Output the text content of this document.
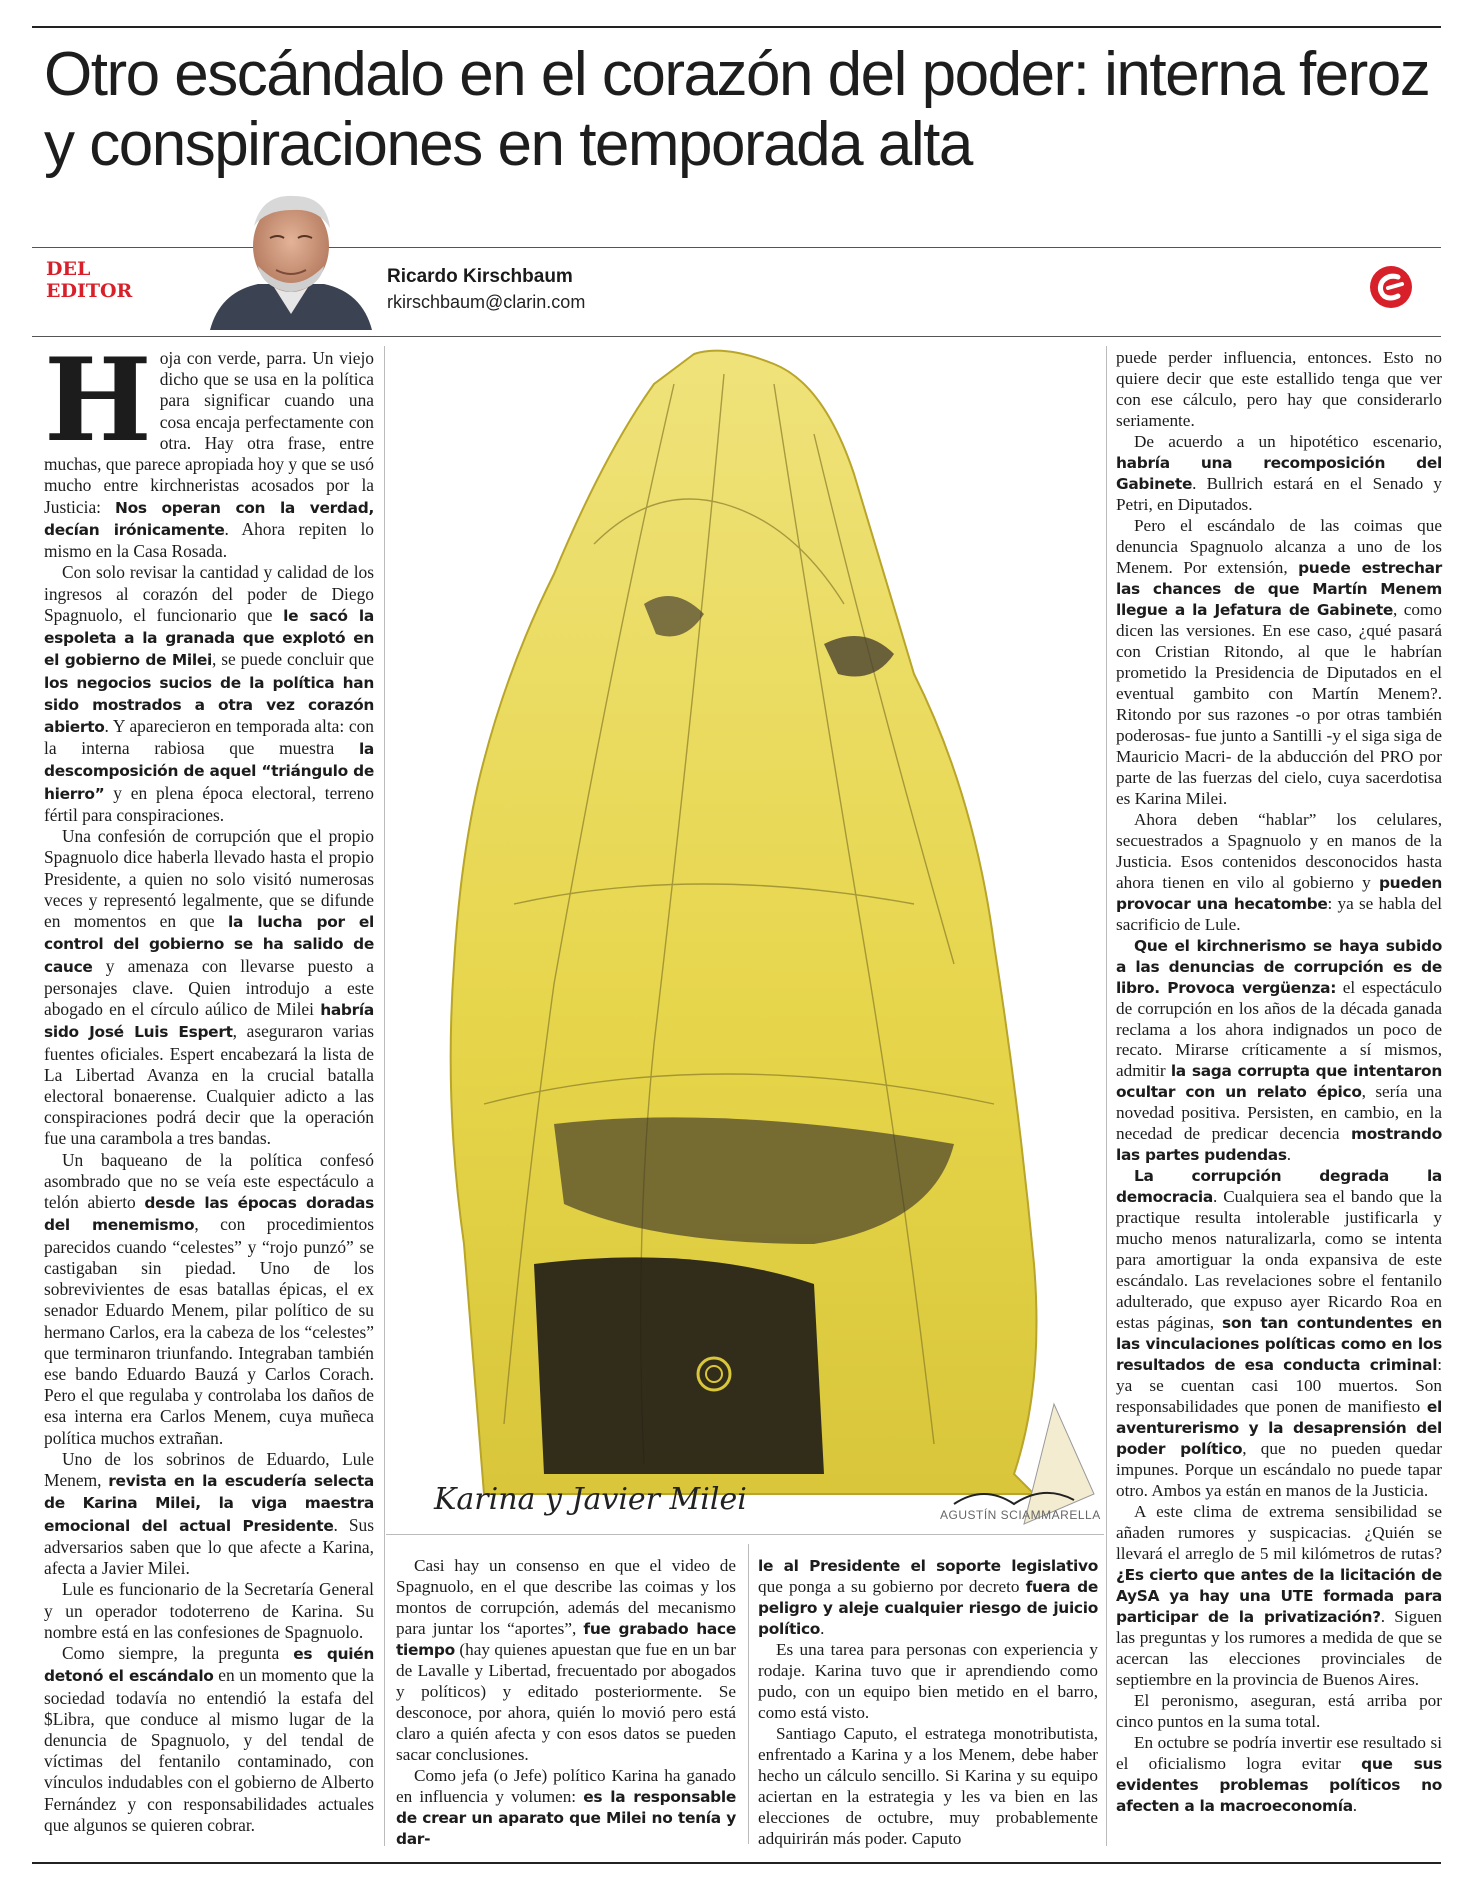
Otro escándalo en el corazón del poder: interna feroz y conspiraciones en temporada alta
DEL
EDITOR
Ricardo Kirschbaum
rkirschbaum@clarin.com
Karina y Javier Milei	AGUSTÍN SCIAMMARELLA

Hoja con verde, parra. Un viejo dicho que se usa en la política para significar cuando una cosa encaja perfectamente con otra. Hay otra frase, entre muchas, que parece apropiada hoy y que se usó mucho entre kirchneristas acosados por la Justicia: Nos operan con la verdad, decían irónicamente. Ahora repiten lo mismo en la Casa Rosada.

Con solo revisar la cantidad y calidad de los ingresos al corazón del poder de Diego Spagnuolo, el funcionario que le sacó la espoleta a la granada que explotó en el gobierno de Milei, se puede concluir que los negocios sucios de la política han sido mostrados a otra vez corazón abierto. Y aparecieron en temporada alta: con la interna rabiosa que muestra la descomposición de aquel “triángulo de hierro” y en plena época electoral, terreno fértil para conspiraciones.

Una confesión de corrupción que el propio Spagnuolo dice haberla llevado hasta el propio Presidente, a quien no solo visitó numerosas veces y representó legalmente, que se difunde en momentos en que la lucha por el control del gobierno se ha salido de cauce y amenaza con llevarse puesto a personajes clave. Quien introdujo a este abogado en el círculo aúlico de Milei habría sido José Luis Espert, aseguraron varias fuentes oficiales. Espert encabezará la lista de La Libertad Avanza en la crucial batalla electoral bonaerense. Cualquier adicto a las conspiraciones podrá decir que la operación fue una carambola a tres bandas.

Un baqueano de la política confesó asombrado que no se veía este espectáculo a telón abierto desde las épocas doradas del menemismo, con procedimientos parecidos cuando “celestes” y “rojo punzó” se castigaban sin piedad. Uno de los sobrevivientes de esas batallas épicas, el ex senador Eduardo Menem, pilar político de su hermano Carlos, era la cabeza de los “celestes” que terminaron triunfando. Integraban también ese bando Eduardo Bauzá y Carlos Corach. Pero el que regulaba y controlaba los daños de esa interna era Carlos Menem, cuya muñeca política muchos extrañan.

Uno de los sobrinos de Eduardo, Lule Menem, revista en la escudería selecta de Karina Milei, la viga maestra emocional del actual Presidente. Sus adversarios saben que lo que afecte a Karina, afecta a Javier Milei.

Lule es funcionario de la Secretaría General y un operador todoterreno de Karina. Su nombre está en las confesiones de Spagnuolo.

Como siempre, la pregunta es quién detonó el escándalo en un momento que la sociedad todavía no entendió la estafa del $Libra, que conduce al mismo lugar de la denuncia de Spagnuolo, y del tendal de víctimas del fentanilo contaminado, con vínculos indudables con el gobierno de Alberto Fernández y con responsabilidades actuales que algunos se quieren cobrar.

Casi hay un consenso en que el video de Spagnuolo, en el que describe las coimas y los montos de corrupción, además del mecanismo para juntar los “aportes”, fue grabado hace tiempo (hay quienes apuestan que fue en un bar de Lavalle y Libertad, frecuentado por abogados y políticos) y editado posteriormente. Se desconoce, por ahora, quién lo movió pero está claro a quién afecta y con esos datos se pueden sacar conclusiones.

Como jefa (o Jefe) político Karina ha ganado en influencia y volumen: es la responsable de crear un aparato que Milei no tenía y dar-

le al Presidente el soporte legislativo que ponga a su gobierno por decreto fuera de peligro y aleje cualquier riesgo de juicio político.

Es una tarea para personas con experiencia y rodaje. Karina tuvo que ir aprendiendo como pudo, con un equipo bien metido en el barro, como está visto.

Santiago Caputo, el estratega monotributista, enfrentado a Karina y a los Menem, debe haber hecho un cálculo sencillo. Si Karina y su equipo aciertan en la estrategia y les va bien en las elecciones de octubre, muy probablemente adquirirán más poder. Caputo

puede perder influencia, entonces. Esto no quiere decir que este estallido tenga que ver con ese cálculo, pero hay que considerarlo seriamente.

De acuerdo a un hipotético escenario, habría una recomposición del Gabinete. Bullrich estará en el Senado y Petri, en Diputados.

Pero el escándalo de las coimas que denuncia Spagnuolo alcanza a uno de los Menem. Por extensión, puede estrechar las chances de que Martín Menem llegue a la Jefatura de Gabinete, como dicen las versiones. En ese caso, ¿qué pasará con Cristian Ritondo, al que le habrían prometido la Presidencia de Diputados en el eventual gambito con Martín Menem?. Ritondo por sus razones -o por otras también poderosas- fue junto a Santilli -y el siga siga de Mauricio Macri- de la abducción del PRO por parte de las fuerzas del cielo, cuya sacerdotisa es Karina Milei.

Ahora deben “hablar” los celulares, secuestrados a Spagnuolo y en manos de la Justicia. Esos contenidos desconocidos hasta ahora tienen en vilo al gobierno y pueden provocar una hecatombe: ya se habla del sacrificio de Lule.

Que el kirchnerismo se haya subido a las denuncias de corrupción es de libro. Provoca vergüenza: el espectáculo de corrupción en los años de la década ganada reclama a los ahora indignados un poco de recato. Mirarse críticamente a sí mismos, admitir la saga corrupta que intentaron ocultar con un relato épico, sería una novedad positiva. Persisten, en cambio, en la necedad de predicar decencia mostrando las partes pudendas.

La corrupción degrada la democracia. Cualquiera sea el bando que la practique resulta intolerable justificarla y mucho menos naturalizarla, como se intenta para amortiguar la onda expansiva de este escándalo. Las revelaciones sobre el fentanilo adulterado, que expuso ayer Ricardo Roa en estas páginas, son tan contundentes en las vinculaciones políticas como en los resultados de esa conducta criminal: ya se cuentan casi 100 muertos. Son responsabilidades que ponen de manifiesto el aventurerismo y la desaprensión del poder político, que no pueden quedar impunes. Porque un escándalo no puede tapar otro. Ambos ya están en manos de la Justicia.

A este clima de extrema sensibilidad se añaden rumores y suspicacias. ¿Quién se llevará el arreglo de 5 mil kilómetros de rutas? ¿Es cierto que antes de la licitación de AySA ya hay una UTE formada para participar de la privatización?. Siguen las preguntas y los rumores a medida de que se acercan las elecciones provinciales de septiembre en la provincia de Buenos Aires.

El peronismo, aseguran, está arriba por cinco puntos en la suma total.

En octubre se podría invertir ese resultado si el oficialismo logra evitar que sus evidentes problemas políticos no afecten a la macroeconomía.
